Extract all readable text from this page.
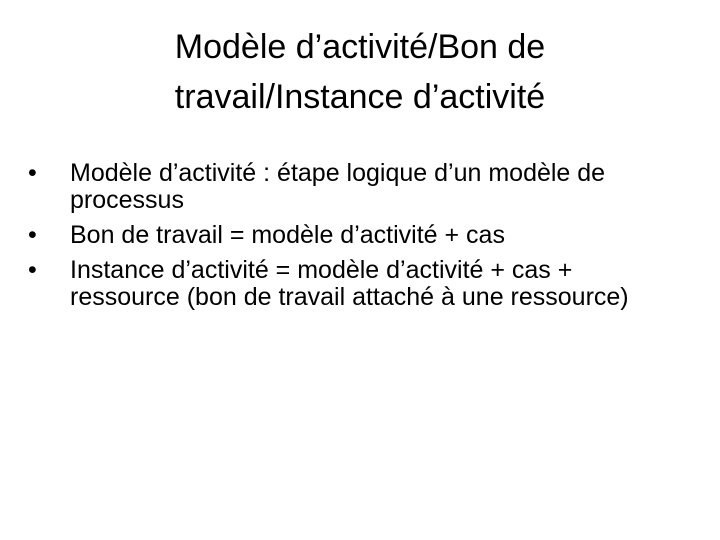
Modèle d’activité/Bon de
travail/Instance d’activité
•	Modèle d’activité : étape logique d’un modèle de processus
•	Bon de travail = modèle d’activité + cas
•	Instance d’activité = modèle d’activité + cas + ressource (bon de travail attaché à une ressource)
